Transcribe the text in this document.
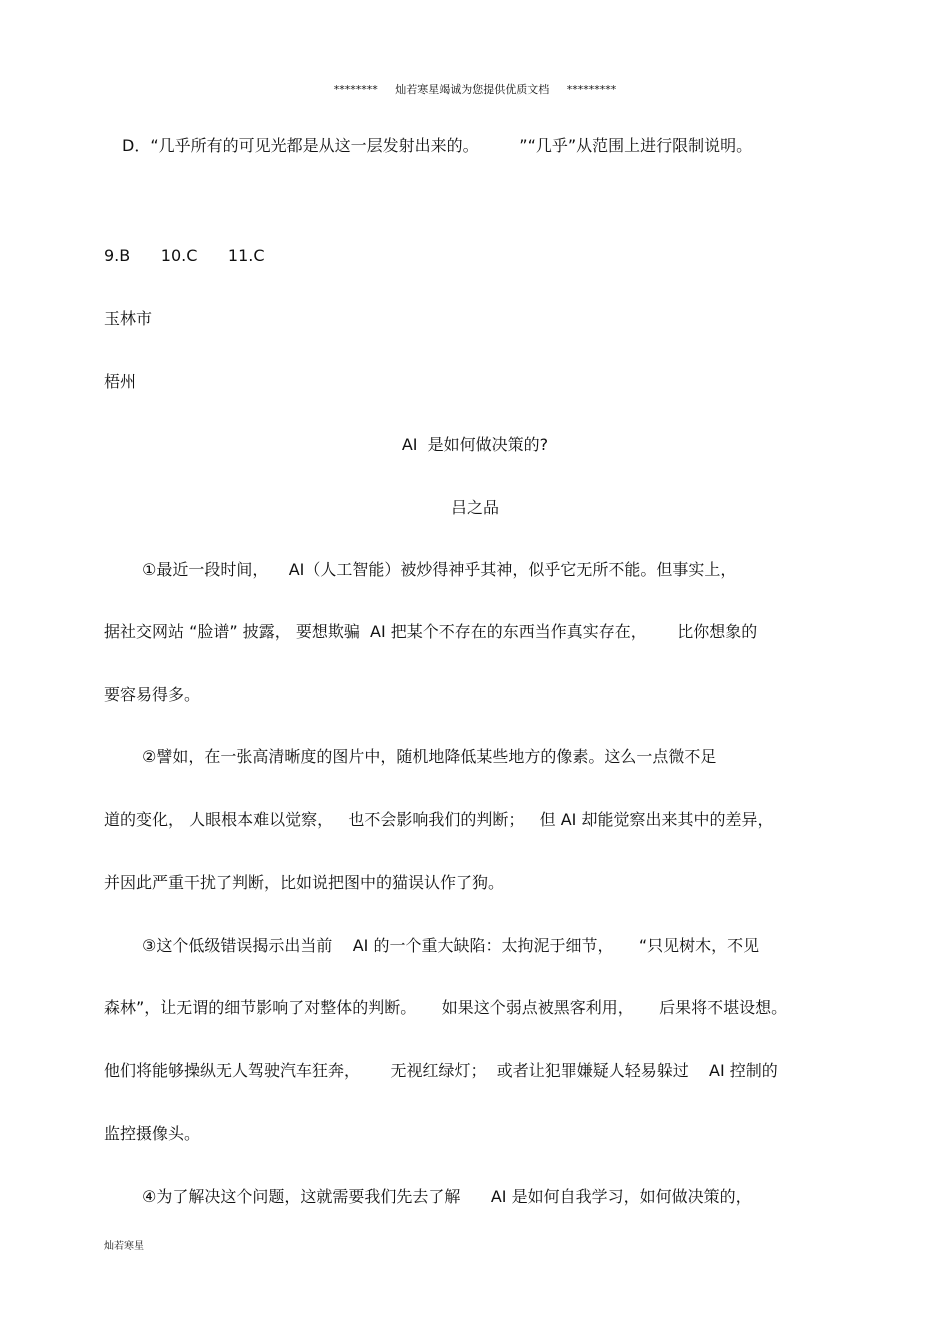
********     灿若寒星竭诚为您提供优质文档     *********
D．“几乎所有的可见光都是从这一层发射出来的。        ”“几乎”从范围上进行限制说明。
9.B      10.C      11.C
玉林市
梧州
AI  是如何做决策的?
吕之品
①最近一段时间，    AI（人工智能）被炒得神乎其神，似乎它无所不能。但事实上，
据社交网站 “脸谱” 披露， 要想欺骗  AI 把某个不存在的东西当作真实存在，      比你想象的
要容易得多。
②譬如，在一张高清晰度的图片中，随机地降低某些地方的像素。这么一点微不足
道的变化， 人眼根本难以觉察，   也不会影响我们的判断；   但 AI 却能觉察出来其中的差异，
并因此严重干扰了判断，比如说把图中的猫误认作了狗。
③这个低级错误揭示出当前    AI 的一个重大缺陷：太拘泥于细节，     “只见树木，不见
森林”，让无谓的细节影响了对整体的判断。     如果这个弱点被黑客利用，     后果将不堪设想。
他们将能够操纵无人驾驶汽车狂奔，      无视红绿灯；  或者让犯罪嫌疑人轻易躲过    AI 控制的
监控摄像头。
④为了解决这个问题，这就需要我们先去了解      AI 是如何自我学习，如何做决策的，
灿若寒星
